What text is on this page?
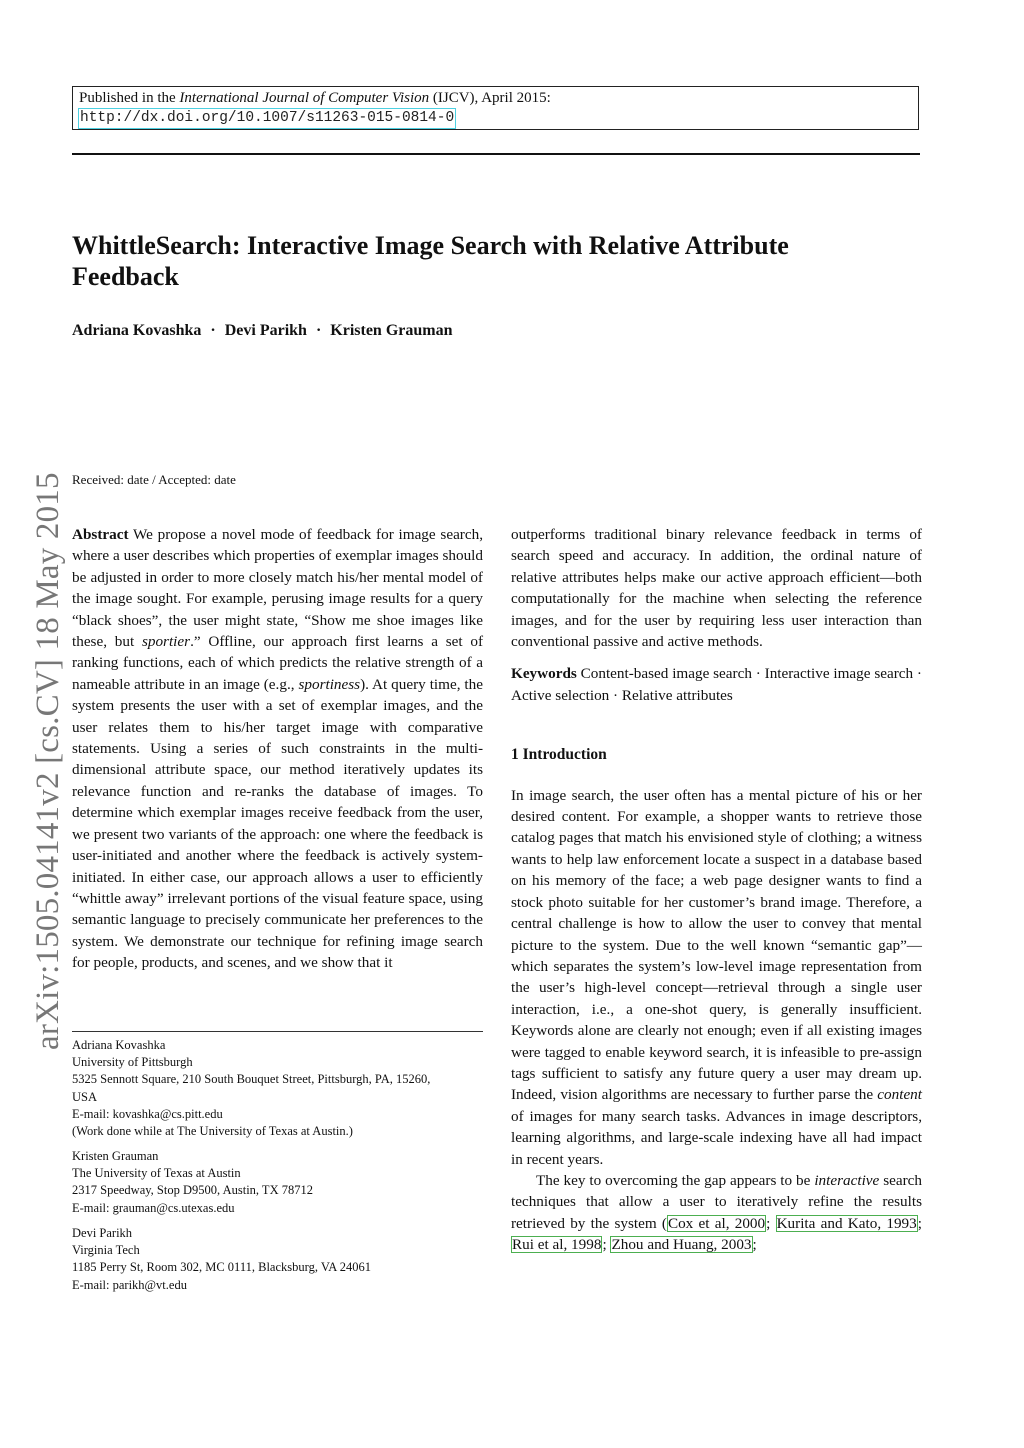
Published in the International Journal of Computer Vision (IJCV), April 2015:
http://dx.doi.org/10.1007/s11263-015-0814-0
WhittleSearch: Interactive Image Search with Relative Attribute Feedback

Adriana Kovashka · Devi Parikh · Kristen Grauman

arXiv:1505.04141v2 [cs.CV] 18 May 2015 Received: date / Accepted: date

Abstract We propose a novel mode of feedback for image search, where a user describes which properties of exemplar images should be adjusted in order to more closely match his/her mental model of the image sought. For example, perusing image results for a query “black shoes”, the user might state, “Show me shoe images like these, but sportier.” Offline, our approach first learns a set of ranking functions, each of which predicts the relative strength of a nameable attribute in an image (e.g., sportiness). At query time, the system presents the user with a set of exemplar images, and the user relates them to his/her target image with comparative statements. Using a series of such constraints in the multi-dimensional attribute space, our method iteratively updates its relevance function and re-ranks the database of images. To determine which exemplar images receive feedback from the user, we present two variants of the approach: one where the feedback is user-initiated and another where the feedback is actively system-initiated. In either case, our approach allows a user to efficiently “whittle away” irrelevant portions of the visual feature space, using semantic language to precisely communicate her preferences to the system. We demonstrate our technique for refining image search for people, products, and scenes, and we show that it

Adriana Kovashka
University of Pittsburgh
5325 Sennott Square, 210 South Bouquet Street, Pittsburgh, PA, 15260,
USA
E-mail: kovashka@cs.pitt.edu
(Work done while at The University of Texas at Austin.)
Kristen Grauman
The University of Texas at Austin
2317 Speedway, Stop D9500, Austin, TX 78712
E-mail: grauman@cs.utexas.edu
Devi Parikh
Virginia Tech
1185 Perry St, Room 302, MC 0111, Blacksburg, VA 24061
E-mail: parikh@vt.edu

outperforms traditional binary relevance feedback in terms of search speed and accuracy. In addition, the ordinal nature of relative attributes helps make our active approach efficient—both computationally for the machine when selecting the reference images, and for the user by requiring less user interaction than conventional passive and active methods.

Keywords Content-based image search · Interactive image search · Active selection · Relative attributes

1 Introduction

In image search, the user often has a mental picture of his or her desired content. For example, a shopper wants to retrieve those catalog pages that match his envisioned style of clothing; a witness wants to help law enforcement locate a suspect in a database based on his memory of the face; a web page designer wants to find a stock photo suitable for her customer’s brand image. Therefore, a central challenge is how to allow the user to convey that mental picture to the system. Due to the well known “semantic gap”—which separates the system’s low-level image representation from the user’s high-level concept—retrieval through a single user interaction, i.e., a one-shot query, is generally insufficient. Keywords alone are clearly not enough; even if all existing images were tagged to enable keyword search, it is infeasible to pre-assign tags sufficient to satisfy any future query a user may dream up. Indeed, vision algorithms are necessary to further parse the content of images for many search tasks. Advances in image descriptors, learning algorithms, and large-scale indexing have all had impact in recent years.

The key to overcoming the gap appears to be interactive search techniques that allow a user to iteratively refine the results retrieved by the system (Cox et al, 2000; Kurita and Kato, 1993; Rui et al, 1998; Zhou and Huang, 2003;
